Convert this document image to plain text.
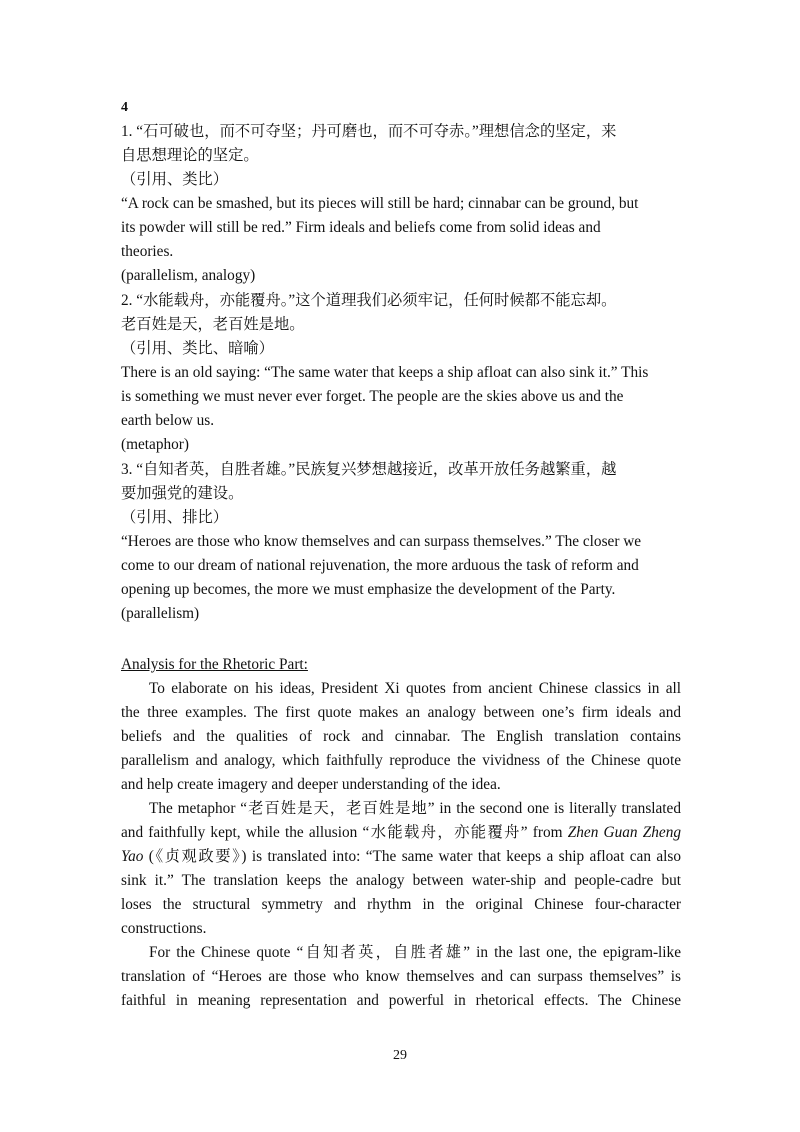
4
1. “石可破也，而不可夺坚；丹可磨也，而不可夺赤。”理想信念的坚定，来
自思想理论的坚定。
（引用、类比）
“A rock can be smashed, but its pieces will still be hard; cinnabar can be ground, but
its powder will still be red.” Firm ideals and beliefs come from solid ideas and
theories.
(parallelism, analogy)
2. “水能载舟，亦能覆舟。”这个道理我们必须牢记，任何时候都不能忘却。
老百姓是天，老百姓是地。
（引用、类比、暗喻）
There is an old saying: “The same water that keeps a ship afloat can also sink it.” This
is something we must never ever forget. The people are the skies above us and the
earth below us.
(metaphor)
3. “自知者英，自胜者雄。”民族复兴梦想越接近，改革开放任务越繁重，越
要加强党的建设。
（引用、排比）
“Heroes are those who know themselves and can surpass themselves.” The closer we
come to our dream of national rejuvenation, the more arduous the task of reform and
opening up becomes, the more we must emphasize the development of the Party.
(parallelism)
Analysis for the Rhetoric Part:
To elaborate on his ideas, President Xi quotes from ancient Chinese classics in all
the three examples. The first quote makes an analogy between one’s firm ideals and
beliefs and the qualities of rock and cinnabar. The English translation contains
parallelism and analogy, which faithfully reproduce the vividness of the Chinese quote
and help create imagery and deeper understanding of the idea.
The metaphor “老百姓是天，老百姓是地” in the second one is literally translated
and faithfully kept, while the allusion “水能载舟，亦能覆舟” from Zhen Guan Zheng
Yao (《贞观政要》) is translated into: “The same water that keeps a ship afloat can also
sink it.” The translation keeps the analogy between water-ship and people-cadre but
loses the structural symmetry and rhythm in the original Chinese four-character
constructions.
For the Chinese quote “自知者英，自胜者雄” in the last one, the epigram-like
translation of “Heroes are those who know themselves and can surpass themselves” is
faithful in meaning representation and powerful in rhetorical effects. The Chinese
29
